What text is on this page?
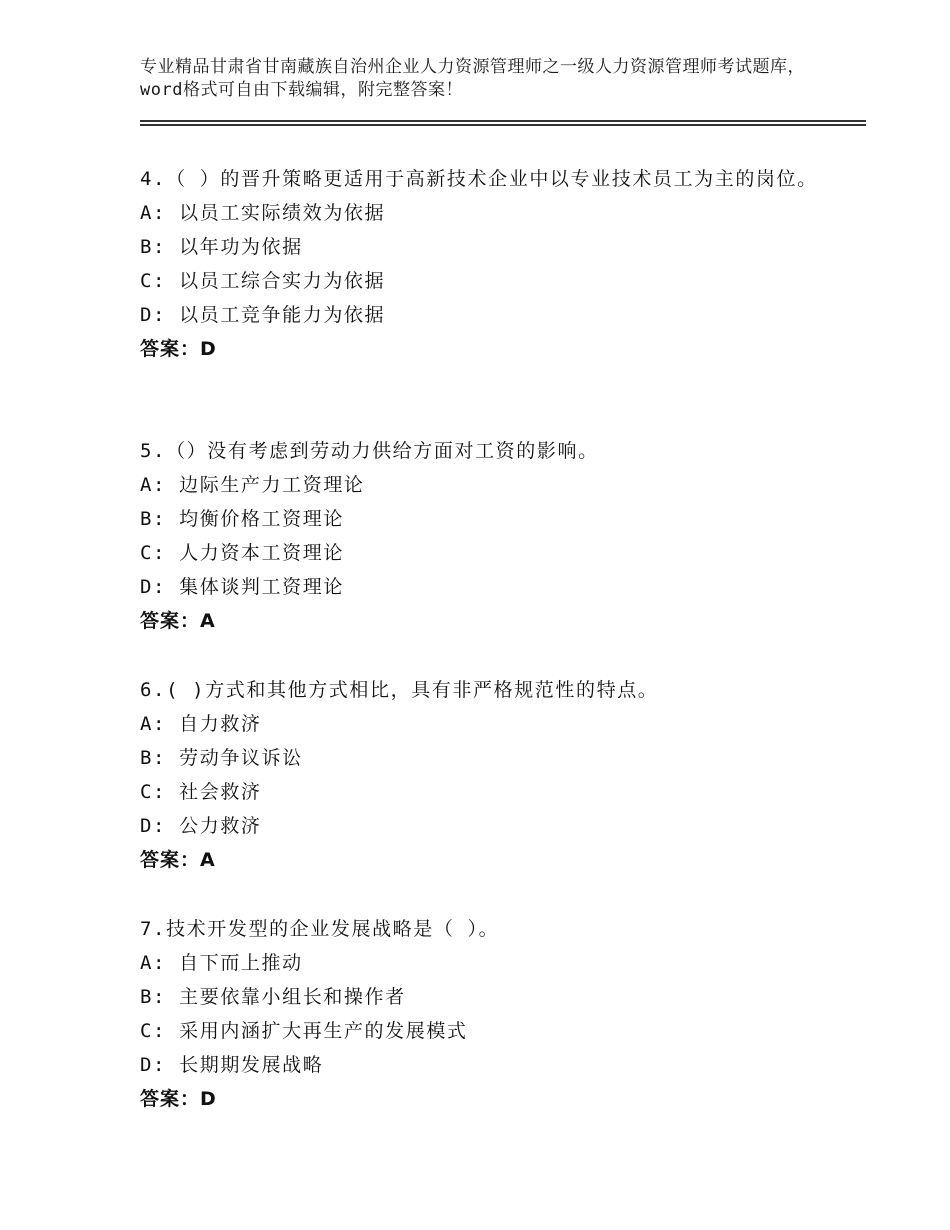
专业精品甘肃省甘南藏族自治州企业人力资源管理师之一级人力资源管理师考试题库，word格式可自由下载编辑，附完整答案！

4.（ ）的晋升策略更适用于高新技术企业中以专业技术员工为主的岗位。

A: 以员工实际绩效为依据

B: 以年功为依据

C: 以员工综合实力为依据

D: 以员工竞争能力为依据

答案：D

5.（）没有考虑到劳动力供给方面对工资的影响。

A: 边际生产力工资理论

B: 均衡价格工资理论

C: 人力资本工资理论

D: 集体谈判工资理论

答案：A

6.( )方式和其他方式相比，具有非严格规范性的特点。

A: 自力救济

B: 劳动争议诉讼

C: 社会救济

D: 公力救济

答案：A

7.技术开发型的企业发展战略是（ ）。

A: 自下而上推动

B: 主要依靠小组长和操作者

C: 采用内涵扩大再生产的发展模式

D: 长期期发展战略

答案：D
